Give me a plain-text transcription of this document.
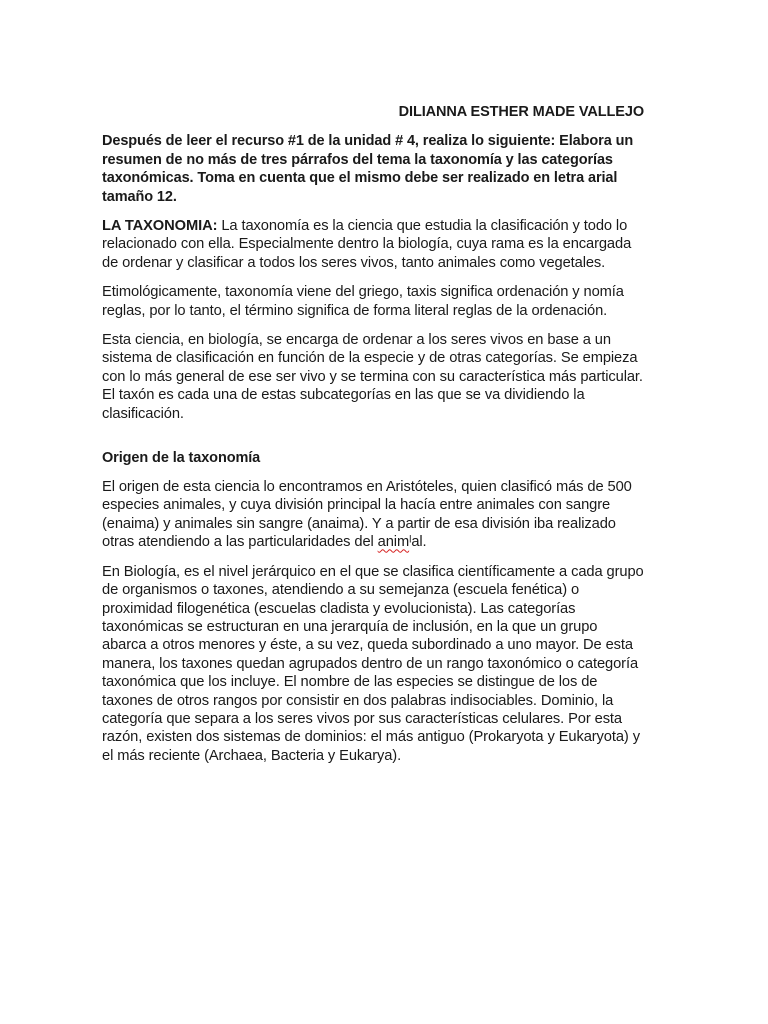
DILIANNA ESTHER MADE VALLEJO
Después de leer el recurso #1 de la unidad # 4, realiza lo siguiente: Elabora un resumen de no más de tres párrafos del tema la taxonomía y las categorías taxonómicas. Toma en cuenta que el mismo debe ser realizado en letra arial tamaño 12.

LA TAXONOMIA: La taxonomía es la ciencia que estudia la clasificación y todo lo relacionado con ella. Especialmente dentro la biología, cuya rama es la encargada de ordenar y clasificar a todos los seres vivos, tanto animales como vegetales.

Etimológicamente, taxonomía viene del griego, taxis significa ordenación y nomía reglas, por lo tanto, el término significa de forma literal reglas de la ordenación.

Esta ciencia, en biología, se encarga de ordenar a los seres vivos en base a un sistema de clasificación en función de la especie y de otras categorías. Se empieza con lo más general de ese ser vivo y se termina con su característica más particular. El taxón es cada una de estas subcategorías en las que se va dividiendo la clasificación.

Origen de la taxonomía

El origen de esta ciencia lo encontramos en Aristóteles, quien clasificó más de 500 especies animales, y cuya división principal la hacía entre animales con sangre (enaima) y animales sin sangre (anaima). Y a partir de esa división iba realizado otras atendiendo a las particularidades del animˡal.

En Biología, es el nivel jerárquico en el que se clasifica científicamente a cada grupo de organismos o taxones, atendiendo a su semejanza (escuela fenética) o proximidad filogenética (escuelas cladista y evolucionista). Las categorías taxonómicas se estructuran en una jerarquía de inclusión, en la que un grupo abarca a otros menores y éste, a su vez, queda subordinado a uno mayor. De esta manera, los taxones quedan agrupados dentro de un rango taxonómico o categoría taxonómica que los incluye. El nombre de las especies se distingue de los de taxones de otros rangos por consistir en dos palabras indisociables. Dominio, la categoría que separa a los seres vivos por sus características celulares. Por esta razón, existen dos sistemas de dominios: el más antiguo (Prokaryota y Eukaryota) y el más reciente (Archaea, Bacteria y Eukarya).
